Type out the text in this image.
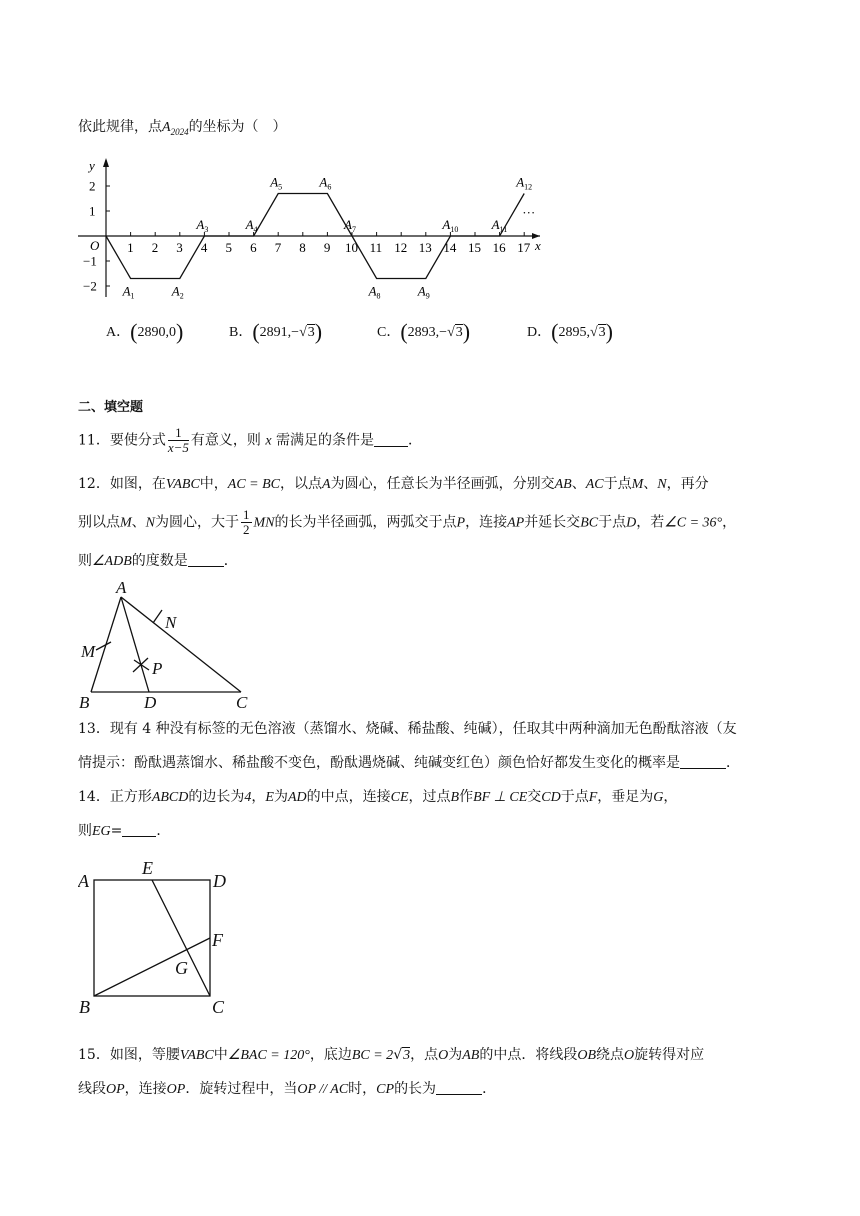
依此规律，点$A_{2024}$的坐标为（　）
x
y
O 1 2 3 4 5 6 7 8 9 10 11 12 13 14 15 16 17
2
1
−1
−2 $A_1$	$A_2$
$A_3$	$A_4$
$A_5$	$A_6$
$A_7$
$A_8$	$A_9$
$A_{10}$	$A_{11}$
$A_{12}$
…
A．(2890,0)	B．(2891,−√3)	C．(2893,−√3)	D．(2895,√3)
二、填空题
11．要使分式 $\frac{1}{x-5}$ 有意义，则 x 需满足的条件是 ．
12．如图，在VABC中，AC = BC，以点A为圆心，任意长为半径画弧，分别交AB、AC于点M、N，再分
别以点M、N为圆心，大于 $\frac{1}{2}$ MN的长为半径画弧，两弧交于点P，连接AP并延长交BC于点D，若∠C = 36°，
则∠ADB的度数是	．
A
B	C
D
M
N
P
13．现有 4 种没有标签的无色溶液（蒸馏水、烧碱、稀盐酸、纯碱），任取其中两种滴加无色酚酞溶液（友
情提示：酚酞遇蒸馏水、稀盐酸不变色，酚酞遇烧碱、纯碱变红色）颜色恰好都发生变化的概率是	．
14．正方形ABCD的边长为4，E为AD的中点，连接CE，过点B作BF ⊥ CE交CD于点F，垂足为G，
则EG= ．
A
E
D
F
G
B	C
15．如图，等腰VABC中∠BAC = 120°，底边BC = 2√3，点O为AB的中点．将线段OB绕点O旋转得对应
线段OP，连接OP．旋转过程中，当OP // AC时，CP的长为	．
